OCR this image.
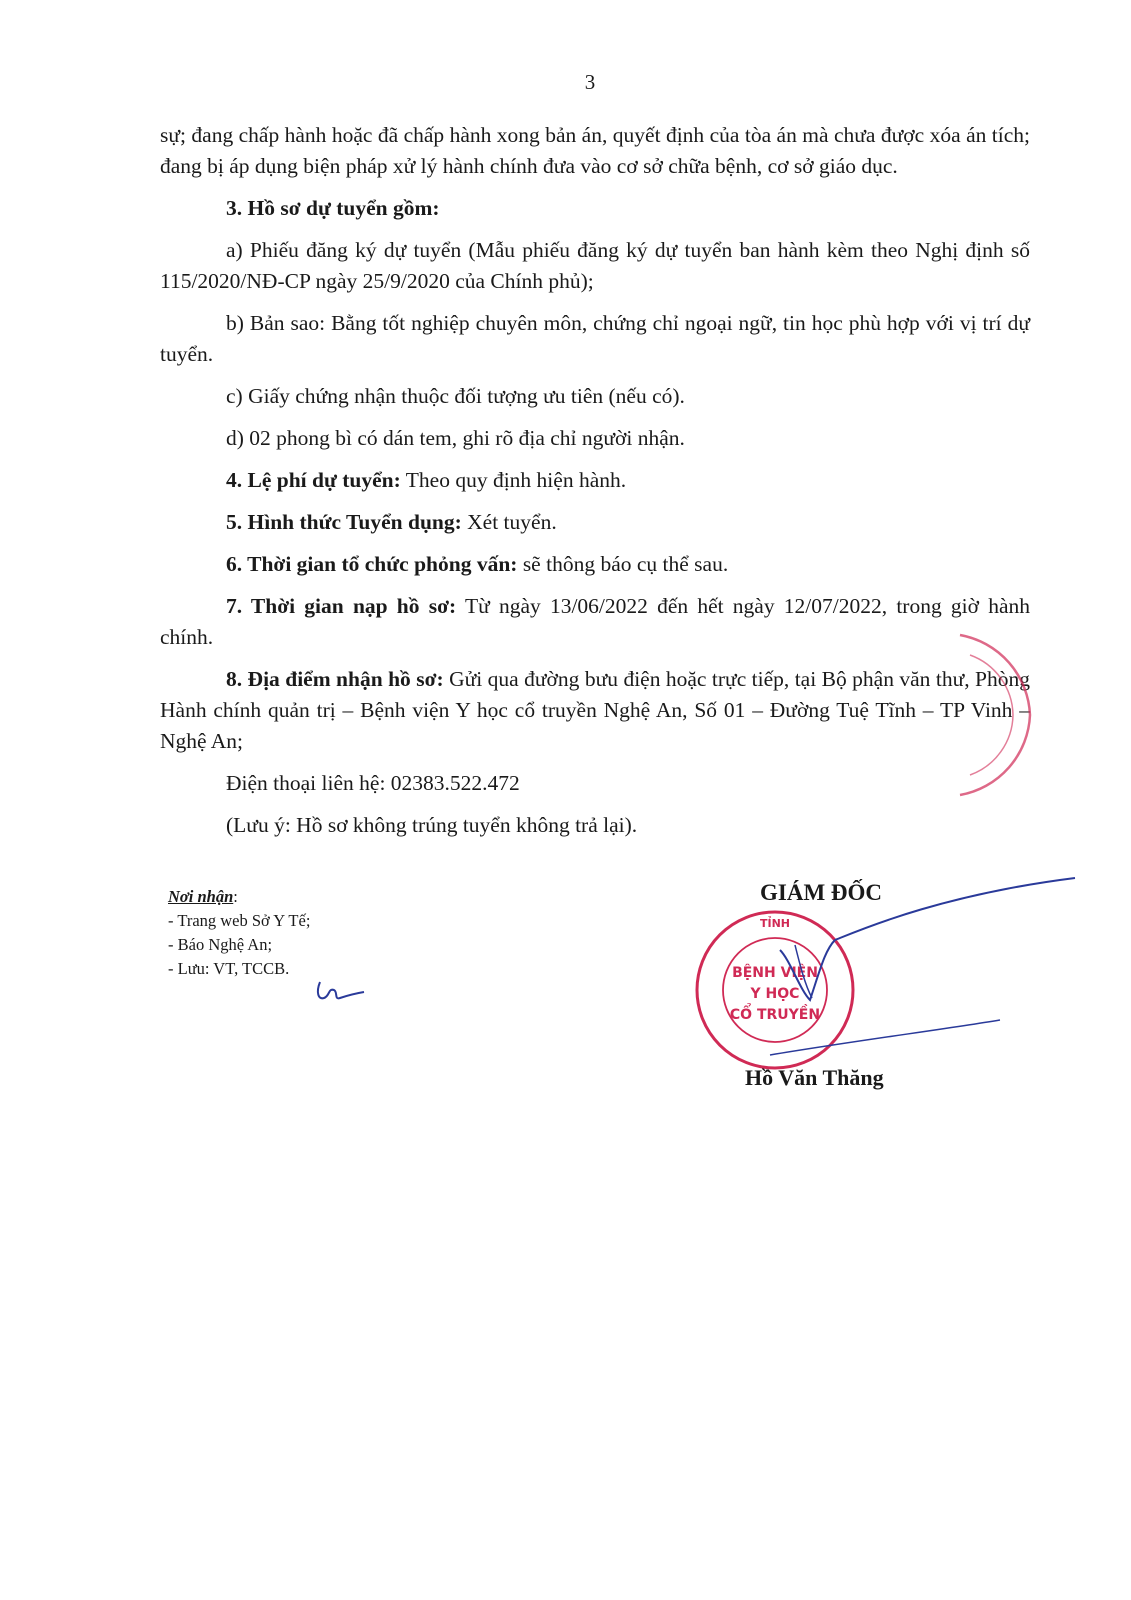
3

sự; đang chấp hành hoặc đã chấp hành xong bản án, quyết định của tòa án mà chưa được xóa án tích; đang bị áp dụng biện pháp xử lý hành chính đưa vào cơ sở chữa bệnh, cơ sở giáo dục.

3. Hồ sơ dự tuyển gồm:

a) Phiếu đăng ký dự tuyển (Mẫu phiếu đăng ký dự tuyển ban hành kèm theo Nghị định số 115/2020/NĐ-CP ngày 25/9/2020 của Chính phủ);

b) Bản sao: Bằng tốt nghiệp chuyên môn, chứng chỉ ngoại ngữ, tin học phù hợp với vị trí dự tuyển.

c) Giấy chứng nhận thuộc đối tượng ưu tiên (nếu có).

d) 02 phong bì có dán tem, ghi rõ địa chỉ người nhận.

4. Lệ phí dự tuyển: Theo quy định hiện hành.

5. Hình thức Tuyển dụng: Xét tuyển.

6. Thời gian tổ chức phỏng vấn: sẽ thông báo cụ thể sau.

7. Thời gian nạp hồ sơ: Từ ngày 13/06/2022 đến hết ngày 12/07/2022, trong giờ hành chính.

8. Địa điểm nhận hồ sơ: Gửi qua đường bưu điện hoặc trực tiếp, tại Bộ phận văn thư, Phòng Hành chính quản trị – Bệnh viện Y học cổ truyền Nghệ An, Số 01 – Đường Tuệ Tĩnh – TP Vinh – Nghệ An;

Điện thoại liên hệ: 02383.522.472

(Lưu ý: Hồ sơ không trúng tuyển không trả lại).

Nơi nhận:
- Trang web Sở Y Tế;
- Báo Nghệ An;
- Lưu: VT, TCCB.
GIÁM ĐỐC
TỈNH
BỆNH VIỆN
Y HỌC
CỔ TRUYỀN
Hồ Văn Thăng
